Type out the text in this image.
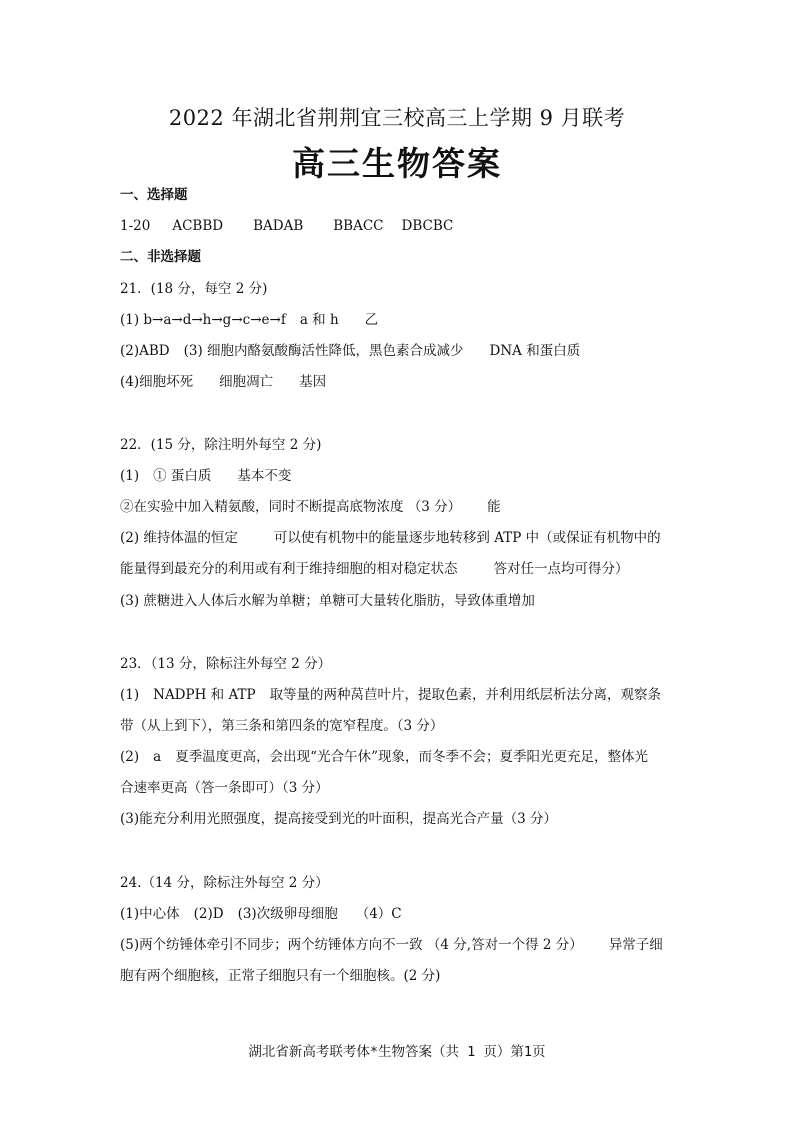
2022 年湖北省荆荆宜三校高三上学期 9 月联考
高三生物答案
一、选择题
1-20 ACBBD BADAB BBACC DBCBC
二、非选择题
21．(18 分，每空 2 分)
(1) b→a→d→h→g→c→e→f a 和 h 乙
(2)ABD (3) 细胞内酪氨酸酶活性降低，黑色素合成减少 DNA 和蛋白质
(4)细胞坏死 细胞凋亡 基因
22．(15 分，除注明外每空 2 分)
(1) ① 蛋白质 基本不变
②在实验中加入精氨酸，同时不断提高底物浓度 （3 分） 能
(2) 维持体温的恒定	可以使有机物中的能量逐步地转移到 ATP 中（或保证有机物中的
能量得到最充分的利用或有利于维持细胞的相对稳定状态	答对任一点均可得分）
(3) 蔗糖进入人体后水解为单糖；单糖可大量转化脂肪，导致体重增加
23．（13 分，除标注外每空 2 分）
(1) NADPH 和 ATP 取等量的两种莴苣叶片，提取色素，并利用纸层析法分离，观察条
带（从上到下），第三条和第四条的宽窄程度。（3 分）
(2) a 夏季温度更高，会出现“光合午休”现象，而冬季不会；夏季阳光更充足，整体光
合速率更高（答一条即可）（3 分）
(3)能充分利用光照强度，提高接受到光的叶面积，提高光合产量（3 分）
24.（14 分，除标注外每空 2 分）
(1)中心体 (2)D (3)次级卵母细胞 （4）C
(5)两个纺锤体牵引不同步；两个纺锤体方向不一致 （4 分,答对一个得 2 分） 异常子细
胞有两个细胞核，正常子细胞只有一个细胞核。(2 分)
湖北省新高考联考体*生物答案（共 1 页）第1页
